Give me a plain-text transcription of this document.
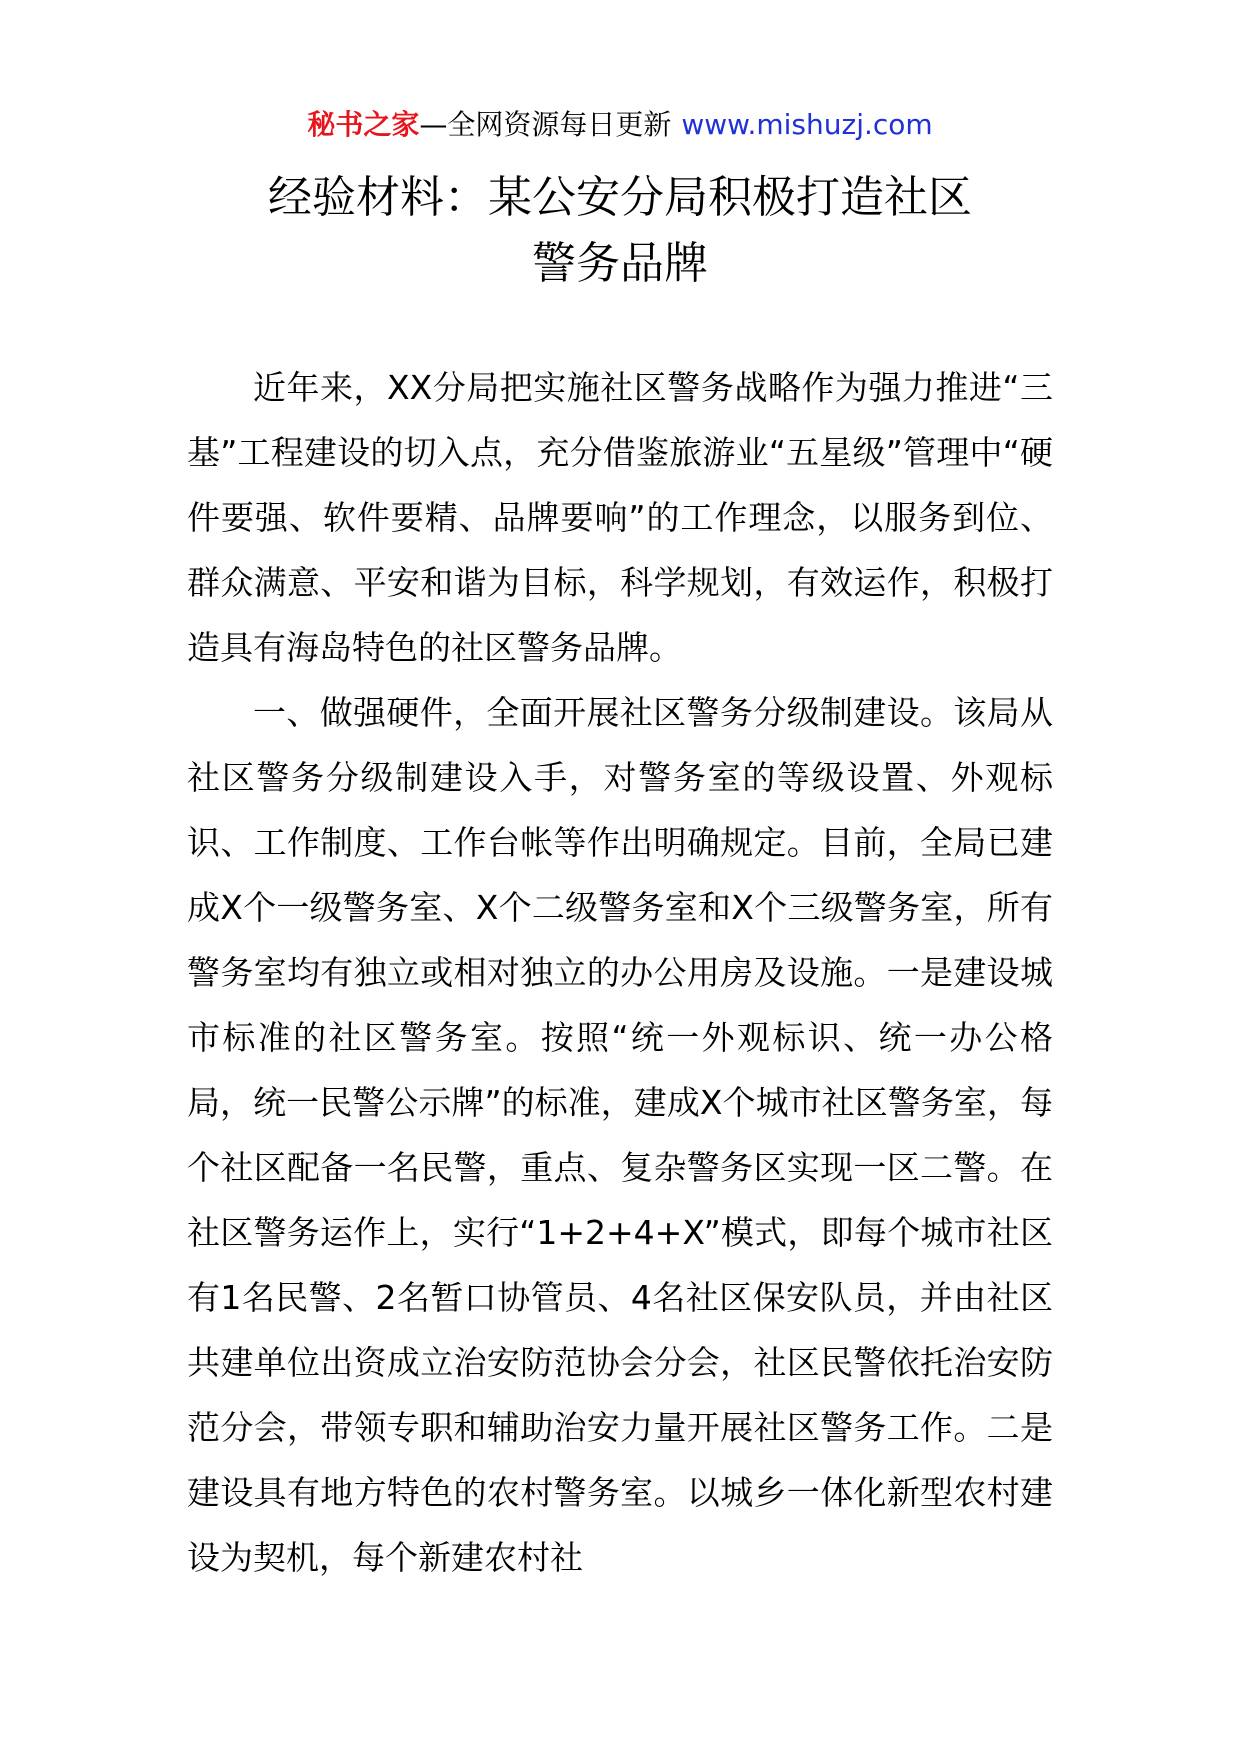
秘书之家—全网资源每日更新 www.mishuzj.com
经验材料：某公安分局积极打造社区
警务品牌

近年来，XX分局把实施社区警务战略作为强力推进“三基”工程建设的切入点，充分借鉴旅游业“五星级”管理中“硬件要强、软件要精、品牌要响”的工作理念，以服务到位、群众满意、平安和谐为目标，科学规划，有效运作，积极打造具有海岛特色的社区警务品牌。

一、做强硬件，全面开展社区警务分级制建设。该局从社区警务分级制建设入手，对警务室的等级设置、外观标识、工作制度、工作台帐等作出明确规定。目前，全局已建成X个一级警务室、X个二级警务室和X个三级警务室，所有警务室均有独立或相对独立的办公用房及设施。一是建设城市标准的社区警务室。按照“统一外观标识、统一办公格局，统一民警公示牌”的标准，建成X个城市社区警务室，每个社区配备一名民警，重点、复杂警务区实现一区二警。在社区警务运作上，实行“1+2+4+X”模式，即每个城市社区有1名民警、2名暂口协管员、4名社区保安队员，并由社区共建单位出资成立治安防范协会分会，社区民警依托治安防范分会，带领专职和辅助治安力量开展社区警务工作。二是建设具有地方特色的农村警务室。以城乡一体化新型农村建设为契机，每个新建农村社
